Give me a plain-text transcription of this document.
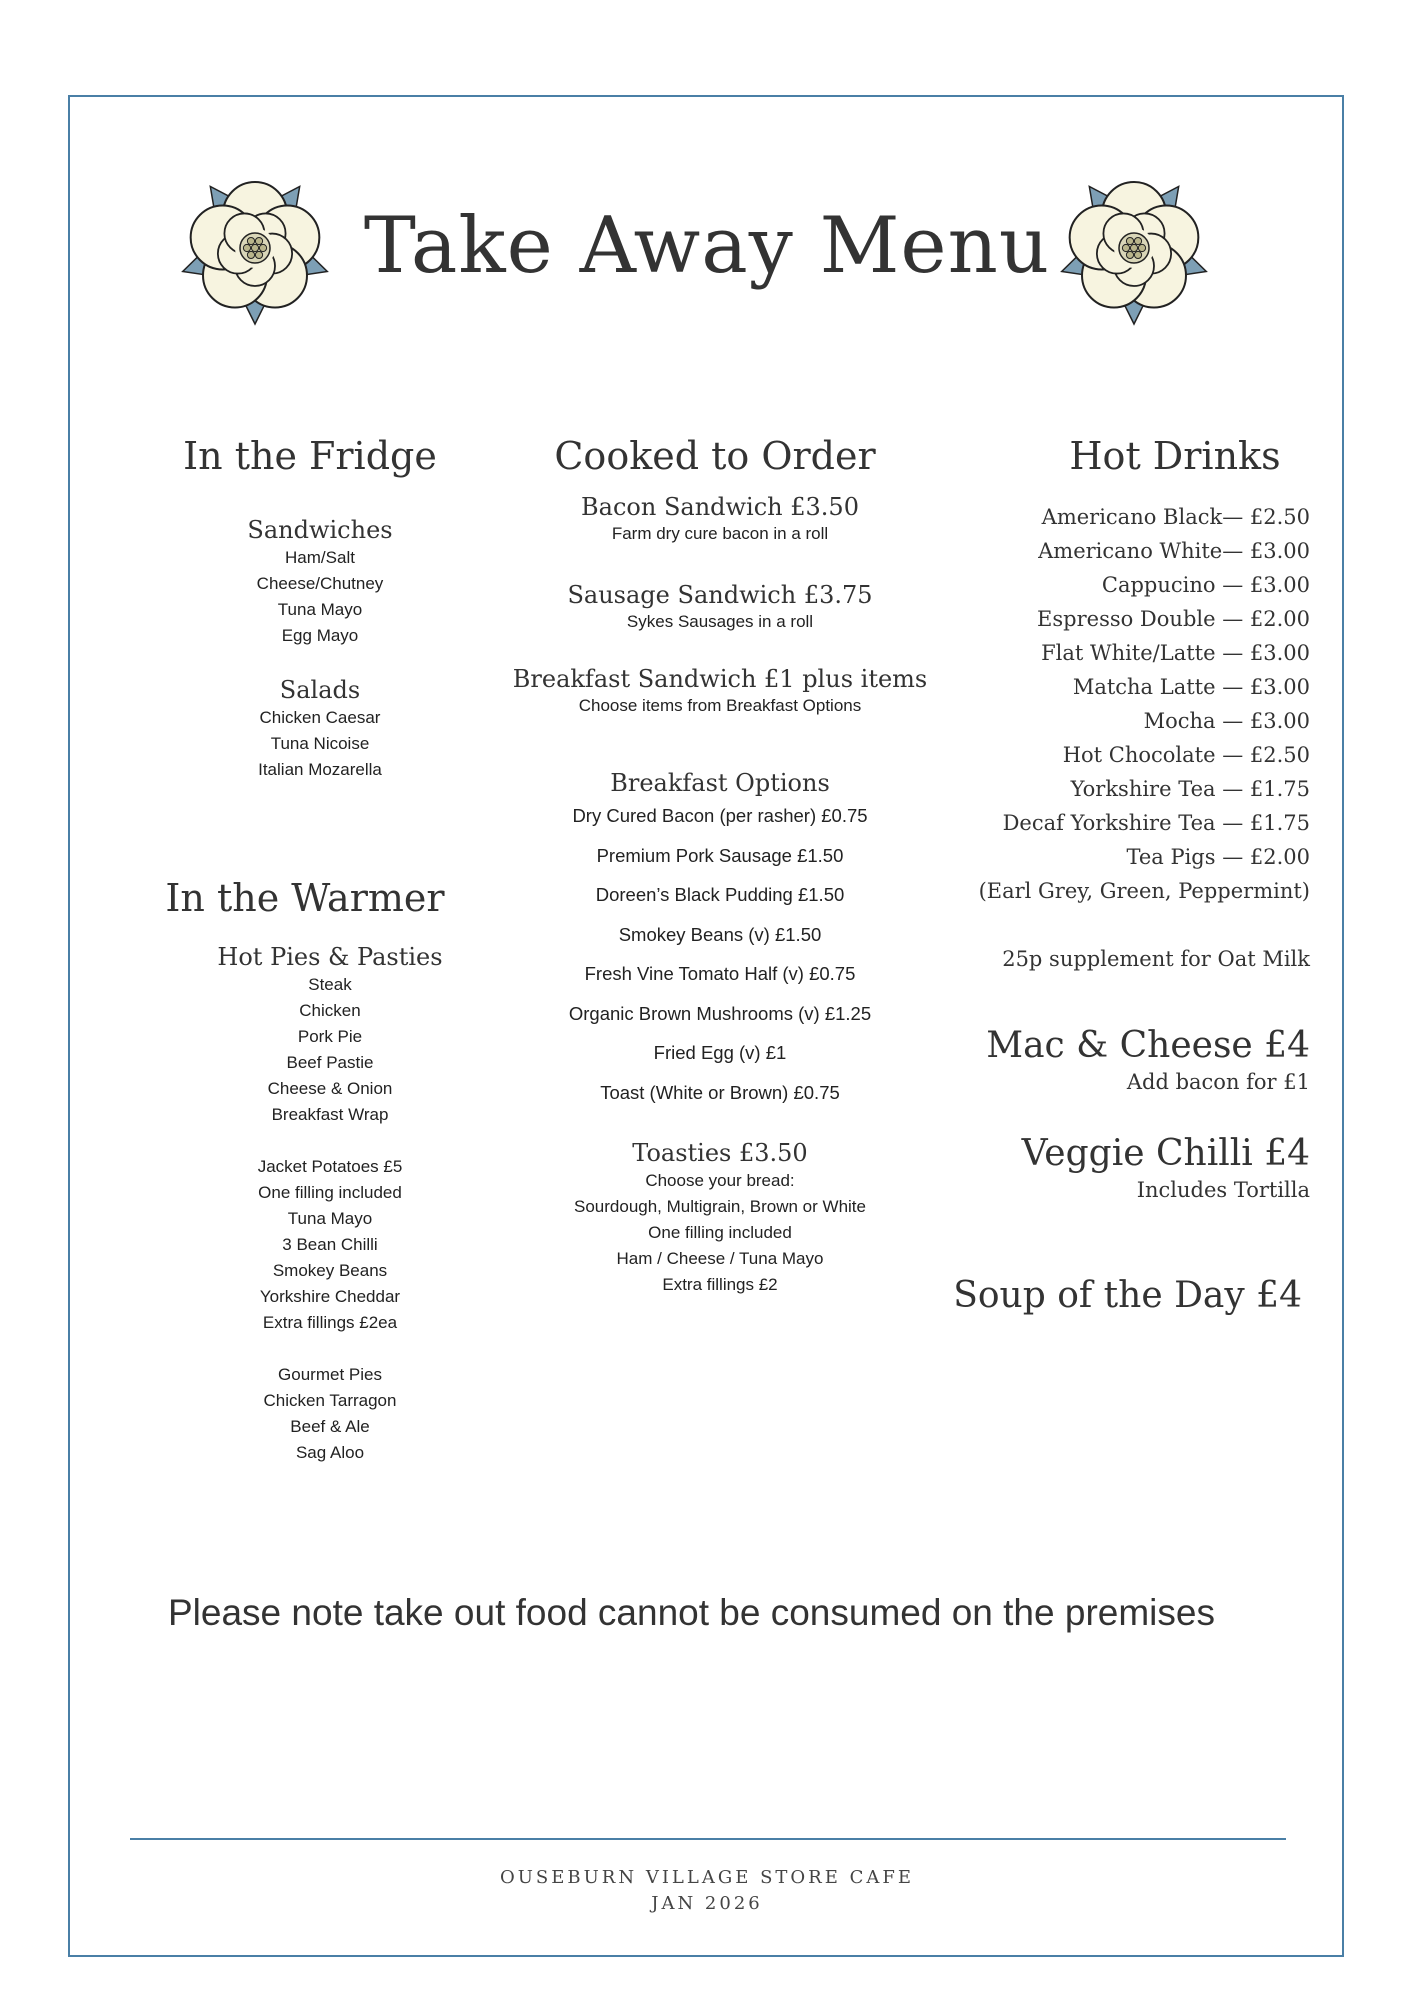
Take Away Menu
In the Fridge
Sandwiches
Ham/Salt
Cheese/Chutney
Tuna Mayo
Egg Mayo
Salads
Chicken Caesar
Tuna Nicoise
Italian Mozarella
In the Warmer
Hot Pies & Pasties
Steak
Chicken
Pork Pie
Beef Pastie
Cheese & Onion
Breakfast Wrap
Jacket Potatoes £5
One filling included
Tuna Mayo
3 Bean Chilli
Smokey Beans
Yorkshire Cheddar
Extra fillings £2ea
Gourmet Pies
Chicken Tarragon
Beef & Ale
Sag Aloo
Cooked to Order
Bacon Sandwich £3.50
Farm dry cure bacon in a roll
Sausage Sandwich £3.75
Sykes Sausages in a roll
Breakfast Sandwich £1 plus items
Choose items from Breakfast Options
Breakfast Options
Dry Cured Bacon (per rasher) £0.75
Premium Pork Sausage £1.50
Doreen’s Black Pudding £1.50
Smokey Beans (v) £1.50
Fresh Vine Tomato Half (v) £0.75
Organic Brown Mushrooms (v) £1.25
Fried Egg (v) £1
Toast (White or Brown) £0.75
Toasties £3.50
Choose your bread:
Sourdough, Multigrain, Brown or White
One filling included
Ham / Cheese / Tuna Mayo
Extra fillings £2
Hot Drinks
Americano Black— £2.50
Americano White— £3.00
Cappucino — £3.00
Espresso Double — £2.00
Flat White/Latte — £3.00
Matcha Latte — £3.00
Mocha — £3.00
Hot Chocolate — £2.50
Yorkshire Tea — £1.75
Decaf Yorkshire Tea — £1.75
Tea Pigs — £2.00
(Earl Grey, Green, Peppermint)
25p supplement for Oat Milk
Mac & Cheese £4
Add bacon for £1
Veggie Chilli £4
Includes Tortilla
Soup of the Day £4
Please note take out food cannot be consumed on the premises
OUSEBURN VILLAGE STORE CAFE
JAN 2026
